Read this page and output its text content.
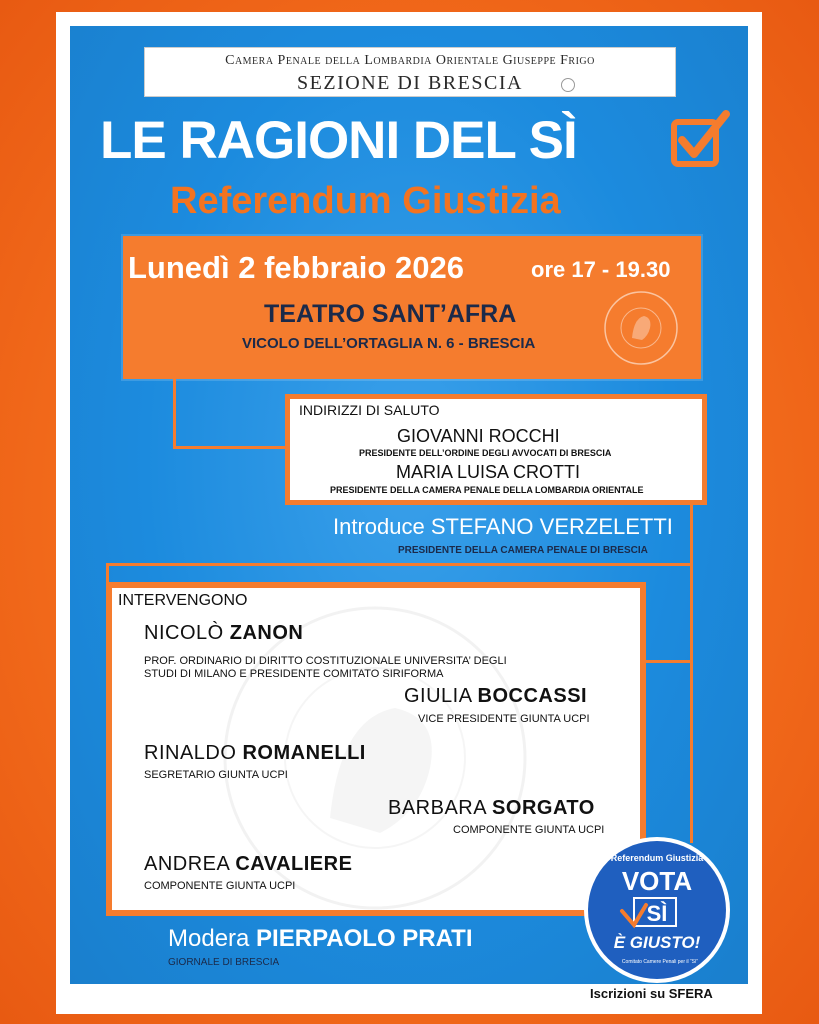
Camera Penale della Lombardia Orientale Giuseppe Frigo
SEZIONE DI BRESCIA
LE RAGIONI DEL SÌ
Referendum Giustizia
Lunedì 2 febbraio 2026	ore 17 - 19.30
TEATRO SANT’AFRA
VICOLO DELL’ORTAGLIA N. 6 - BRESCIA
INDIRIZZI DI SALUTO
GIOVANNI ROCCHI
PRESIDENTE DELL’ORDINE DEGLI AVVOCATI DI BRESCIA
MARIA LUISA CROTTI
PRESIDENTE DELLA CAMERA PENALE DELLA LOMBARDIA ORIENTALE
Introduce STEFANO VERZELETTI
PRESIDENTE DELLA CAMERA PENALE DI BRESCIA
INTERVENGONO
NICOLÒ ZANON
PROF. ORDINARIO DI DIRITTO COSTITUZIONALE UNIVERSITA’ DEGLI
STUDI DI MILANO E PRESIDENTE COMITATO SIRIFORMA
GIULIA BOCCASSI
VICE PRESIDENTE GIUNTA UCPI
RINALDO ROMANELLI
SEGRETARIO GIUNTA UCPI
BARBARA SORGATO
COMPONENTE GIUNTA UCPI
ANDREA CAVALIERE
COMPONENTE GIUNTA UCPI
Modera PIERPAOLO PRATI
GIORNALE DI BRESCIA
Referendum Giustizia
VOTA
SÌ
È GIUSTO!
Comitato Camere Penali per il “Sì”
Iscrizioni su SFERA
